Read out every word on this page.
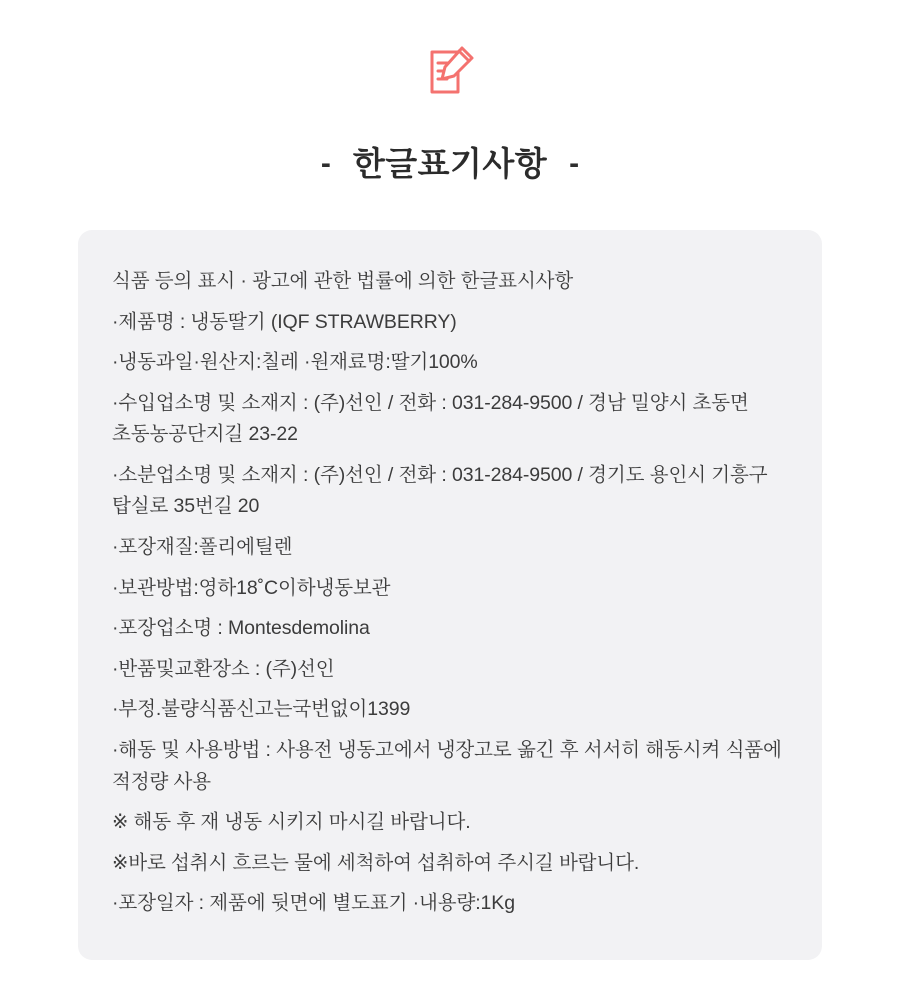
- 한글표기사항 -
식품 등의 표시 · 광고에 관한 법률에 의한 한글표시사항
·제품명 : 냉동딸기 (IQF STRAWBERRY)
·냉동과일·원산지:칠레 ·원재료명:딸기100%
·수입업소명 및 소재지 : (주)선인 / 전화 : 031-284-9500 / 경남 밀양시 초동면 초동농공단지길 23-22
·소분업소명 및 소재지 : (주)선인 / 전화 : 031-284-9500 / 경기도 용인시 기흥구 탑실로 35번길 20
·포장재질:폴리에틸렌
·보관방법:영하18˚C이하냉동보관
·포장업소명 : Montesdemolina
·반품및교환장소 : (주)선인
·부정.불량식품신고는국번없이1399
·해동 및 사용방법 : 사용전 냉동고에서 냉장고로 옮긴 후 서서히 해동시켜 식품에 적정량 사용
※ 해동 후 재 냉동 시키지 마시길 바랍니다.
※바로 섭취시 흐르는 물에 세척하여 섭취하여 주시길 바랍니다.
·포장일자 : 제품에 뒷면에 별도표기 ·내용량:1Kg
